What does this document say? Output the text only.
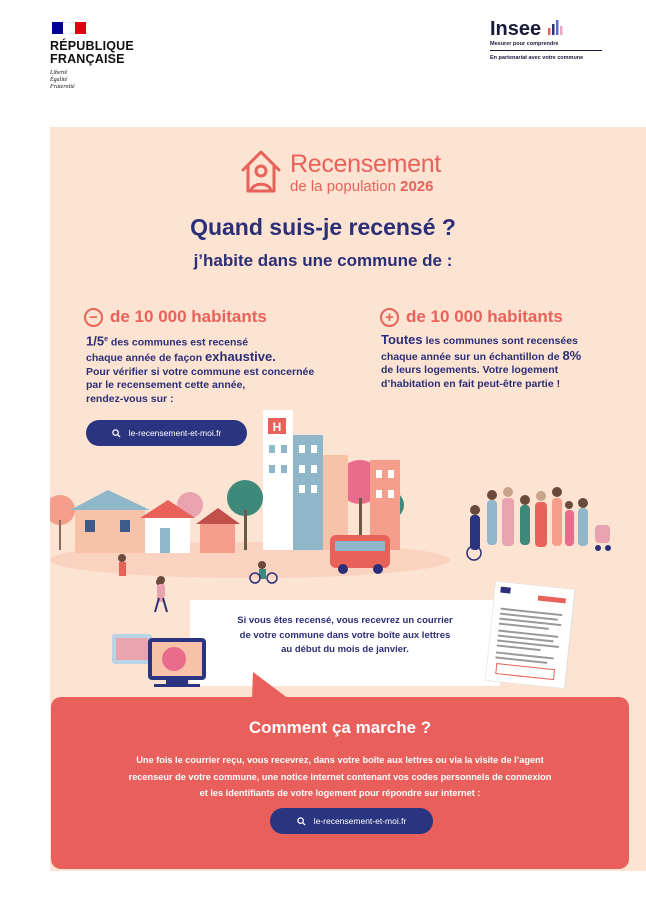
RÉPUBLIQUE
FRANÇAISE
Liberté
Égalité
Fraternité
Insee
Mesurer pour comprendre
En partenariat avec votre commune
Recensement
de la population 2026
Quand suis-je recensé ?
j’habite dans une commune de :
− de 10 000 habitants
1/5e des communes est recensé
chaque année de façon exhaustive.
Pour vérifier si votre commune est concernée
par le recensement cette année,
rendez-vous sur :
le-recensement-et-moi.fr
+ de 10 000 habitants
Toutes les communes sont recensées
chaque année sur un échantillon de 8%
de leurs logements. Votre logement
d’habitation en fait peut-être partie !
H
Si vous êtes recensé, vous recevrez un courrier
de votre commune dans votre boîte aux lettres
au début du mois de janvier.
Comment ça marche ?
Une fois le courrier reçu, vous recevrez, dans votre boîte aux lettres ou via la visite de l’agent
recenseur de votre commune, une notice internet contenant vos codes personnels de connexion
et les identifiants de votre logement pour répondre sur internet :
le-recensement-et-moi.fr
